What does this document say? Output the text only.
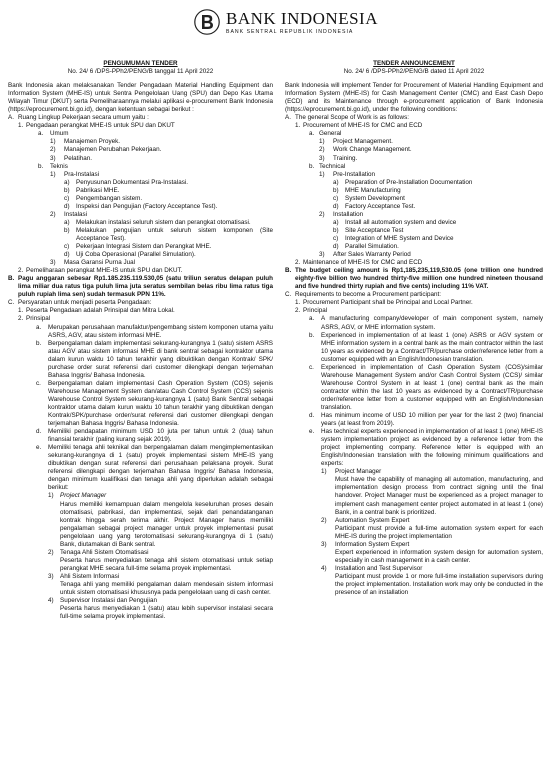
BANK INDONESIA
BANK SENTRAL REPUBLIK INDONESIA
PENGUMUMAN TENDER
No. 24/ 6 /DPS-PPh2/PENG/B tanggal 11 April 2022
Bank Indonesia akan melaksanakan Tender Pengadaan Material Handling Equipment dan Information System (MHE-IS) untuk Sentra Pengelolaan Uang (SPU) dan Depo Kas Utama Wilayah Timur (DKUT) serta Pemeliharaannya melalui aplikasi e-procurement Bank Indonesia (https://eprocurement.bi.go.id), dengan ketentuan sebagai berikut :
A. Ruang Lingkup Pekerjaan secara umum yaitu :
1. Pengadaan perangkat MHE-IS untuk SPU dan DKUT
a.	Umum
1)	Manajemen Proyek.
2)	Manajemen Perubahan Pekerjaan.
3)	Pelatihan.
b.	Teknis
1)	Pra-Instalasi
a)	Penyusunan Dokumentasi Pra-Instalasi.
b)	Pabrikasi MHE.
c)	Pengembangan sistem.
d)	Inspeksi dan Pengujian (Factory Acceptance Test).
2)	Instalasi
a)	Melakukan instalasi seluruh sistem dan perangkat otomatisasi.
b)	Melakukan pengujian untuk seluruh sistem komponen (Site Acceptance Test).
c)	Pekerjaan Integrasi Sistem dan Perangkat MHE.
d)	Uji Coba Operasional (Parallel Simulation).
3)	Masa Garansi Purna Jual
2. Pemeliharaan perangkat MHE-IS untuk SPU dan DKUT.
B. Pagu anggaran sebesar Rp1.185.235.119.530,05 (satu triliun seratus delapan puluh lima miliar dua ratus tiga puluh lima juta seratus sembilan belas ribu lima ratus tiga puluh rupiah lima sen) sudah termasuk PPN 11%.
C. Persyaratan untuk menjadi peserta Pengadaan:
1. Peserta Pengadaan adalah Prinsipal dan Mitra Lokal.
2. Prinsipal
a.	Merupakan perusahaan manufaktur/pengembang sistem komponen utama yaitu ASRS, AGV, atau sistem informasi MHE.
b.	Berpengalaman dalam implementasi sekurang-kurangnya 1 (satu) sistem ASRS atau AGV atau sistem informasi MHE di bank sentral sebagai kontraktor utama dalam kurun waktu 10 tahun terakhir yang dibuktikan dengan Kontrak/ SPK/ purchase order surat referensi dari customer dilengkapi dengan terjemahan Bahasa Inggris/ Bahasa Indonesia.
c.	Berpengalaman dalam implementasi Cash Operation System (COS) sejenis Warehouse Management System dan/atau Cash Control System (CCS) sejenis Warehouse Control System sekurang-kurangnya 1 (satu) Bank Sentral sebagai kontraktor utama dalam kurun waktu 10 tahun terakhir yang dibuktikan dengan Kontrak/SPK/purchase order/surat referensi dari customer dilengkapi dengan terjemahan Bahasa Inggris/ Bahasa Indonesia.
d.	Memiliki pendapatan minimum USD 10 juta per tahun untuk 2 (dua) tahun finansial terakhir (paling kurang sejak 2019).
e.	Memiliki tenaga ahli teknikal dan berpengalaman dalam mengimplementasikan sekurang-kurangnya di 1 (satu) proyek implementasi sistem MHE-IS yang dibuktikan dengan surat referensi dari perusahaan pelaksana proyek. Surat referensi dilengkapi dengan terjemahan Bahasa Inggris/ Bahasa Indonesia, dengan minimum kualifikasi dan tenaga ahli yang diperlukan adalah sebagai berikut:
1)	Project Manager
Harus memiliki kemampuan dalam mengelola keseluruhan proses desain otomatisasi, pabrikasi, dan implementasi, sejak dari penandatanganan kontrak hingga serah terima akhir. Project Manager harus memiliki pengalaman sebagai project manager untuk proyek implementasi pusat pengelolaan uang yang terotomatisasi sekurang-kurangnya di 1 (satu) Bank, diutamakan di Bank sentral.
2)	Tenaga Ahli Sistem Otomatisasi
Peserta harus menyediakan tenaga ahli sistem otomatisasi untuk setiap perangkat MHE secara full-time selama proyek implementasi.
3)	Ahli Sistem Informasi
Tenaga ahli yang memiliki pengalaman dalam mendesain sistem informasi untuk sistem otomatisasi khususnya pada pengelolaan uang di cash center.
4)	Supervisor Instalasi dan Pengujian
Peserta harus menyediakan 1 (satu) atau lebih supervisor instalasi secara full-time selama proyek implementasi.
TENDER ANNOUNCEMENT
No. 24/ 6 /DPS-PPh2/PENG/B dated 11 April 2022
Bank Indonesia will implement Tender for Procurement of Material Handling Equipment and Information System (MHE-IS) for Cash Management Center (CMC) and East Cash Depo (ECD) and its Maintenance through e-procurement application of Bank Indonesia (https://eprocurement.bi.go.id), under the following conditions:
A. The general Scope of Work is as follows:
1. Procurement of MHE-IS for CMC and ECD
a. General
1)	Project Management.
2)	Work Change Management.
3)	Training.
b. Technical
1)	Pre-Installation
a)	Preparation of Pre-Installation Documentation
b)	MHE Manufacturing
c)	System Development
d)	Factory Acceptance Test.
2)	Installation
a)	Install all automation system and device
b)	Site Acceptance Test
c)	Integration of MHE System and Device
d)	Parallel Simulation.
3)	After Sales Warranty Period
2. Maintenance of MHE-IS for CMC and ECD
B. The budget ceiling amount is Rp1,185,235,119,530.05 (one trillion one hundred eighty-five billion two hundred thirty-five million one hundred nineteen thousand and five hundred thirty rupiah and five cents) including 11% VAT.
C. Requirements to become a Procurement participant:
1. Procurement Participant shall be Principal and Local Partner.
2. Principal
a.	A manufacturing company/developer of main component system, namely ASRS, AGV, or MHE information system.
b.	Experienced in implementation of at least 1 (one) ASRS or AGV system or MHE information system in a central bank as the main contractor within the last 10 years as evidenced by a Contract/TR/purchase order/reference letter from a customer equipped with an English/Indonesian translation.
c.	Experienced in implementation of Cash Operation System (COS)/similar Warehouse Management System and/or Cash Control System (CCS)/ similar Warehouse Control System in at least 1 (one) central bank as the main contractor within the last 10 years as evidenced by a Contract/TR/purchase order/reference letter from a customer equipped with an English/Indonesian translation.
d.	Has minimum income of USD 10 million per year for the last 2 (two) financial years (at least from 2019).
e.	Has technical experts experienced in implementation of at least 1 (one) MHE-IS system implementation project as evidenced by a reference letter from the project implementing company. Reference letter is equipped with an English/Indonesian translation with the following minimum qualifications and experts:
1)	Project Manager
Must have the capability of managing all automation, manufacturing, and implementation design process from contract signing until the final handover. Project Manager must be experienced as a project manager to implement cash management center project automated in at least 1 (one) Bank, in a central bank is prioritized.
2)	Automation System Expert
Participant must provide a full-time automation system expert for each MHE-IS during the project implementation
3)	Information System Expert
Expert experienced in information system design for automation system, especially in cash management in a cash center.
4)	Installation and Test Supervisor
Participant must provide 1 or more full-time installation supervisors during the project implementation. Installation work may only be conducted in the presence of an installation
